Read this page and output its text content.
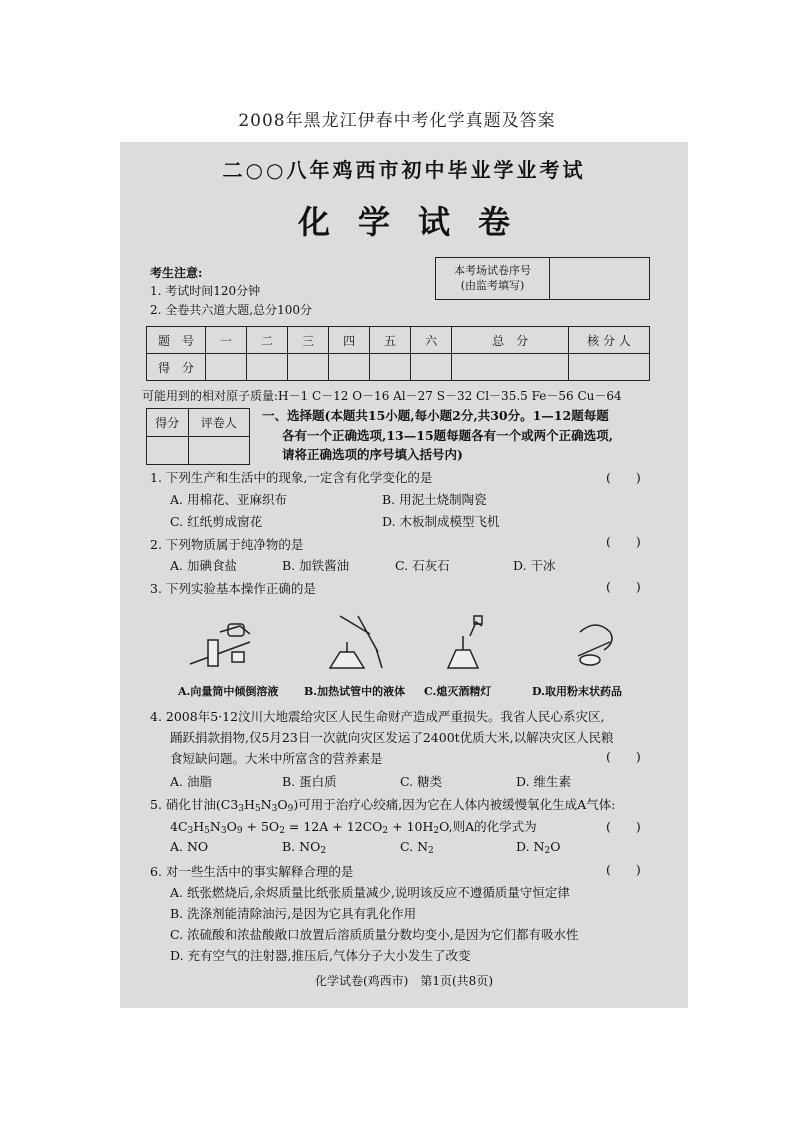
2008年黑龙江伊春中考化学真题及答案
二○○八年鸡西市初中毕业学业考试
化学试卷
考生注意:
1. 考试时间120分钟
2. 全卷共六道大题,总分100分
本考场试卷序号
(由监考填写)
题　号	一	二	三	四	五	六	总　分	核 分 人
得　分								
可能用到的相对原子质量:H－1 C－12 O－16 Al－27 S－32 Cl－35.5 Fe－56 Cu－64
得分	评卷人
	一、选择题(本题共15小题,每小题2分,共30分。1—12题每题
各有一个正确选项,13—15题每题各有一个或两个正确选项,
请将正确选项的序号填入括号内)
1. 下列生产和生活中的现象,一定含有化学变化的是	(　　)
A. 用棉花、亚麻织布	B. 用泥土烧制陶瓷
C. 红纸剪成窗花	D. 木板制成模型飞机
2. 下列物质属于纯净物的是	(　　)
A. 加碘食盐	B. 加铁酱油	C. 石灰石	D. 干冰
3. 下列实验基本操作正确的是	(　　)
A.向量筒中倾倒溶液 B.加热试管中的液体 C.熄灭酒精灯	D.取用粉末状药品
4. 2008年5·12汶川大地震给灾区人民生命财产造成严重损失。我省人民心系灾区,
踊跃捐款捐物,仅5月23日一次就向灾区发运了2400t优质大米,以解决灾区人民粮
食短缺问题。大米中所富含的营养素是	(　　)
A. 油脂	B. 蛋白质	C. 糖类	D. 维生素
5. 硝化甘油$(C3_3H_5N_3O_9)$可用于治疗心绞痛,因为它在人体内被缓慢氧化生成A气体:
$4C_3H_5N_3O_9 + 5O_2 = 12A + 12CO_2 + 10H_2O$,则A的化学式为	(　　)
A. NO	B. $NO_2$	C. $N_2$	D. $N_2O$
6. 对一些生活中的事实解释合理的是	(　　)
A. 纸张燃烧后,余烬质量比纸张质量减少,说明该反应不遵循质量守恒定律
B. 洗涤剂能清除油污,是因为它具有乳化作用
C. 浓硫酸和浓盐酸敞口放置后溶质质量分数均变小,是因为它们都有吸水性
D. 充有空气的注射器,推压后,气体分子大小发生了改变
化学试卷(鸡西市)　第1页(共8页)
